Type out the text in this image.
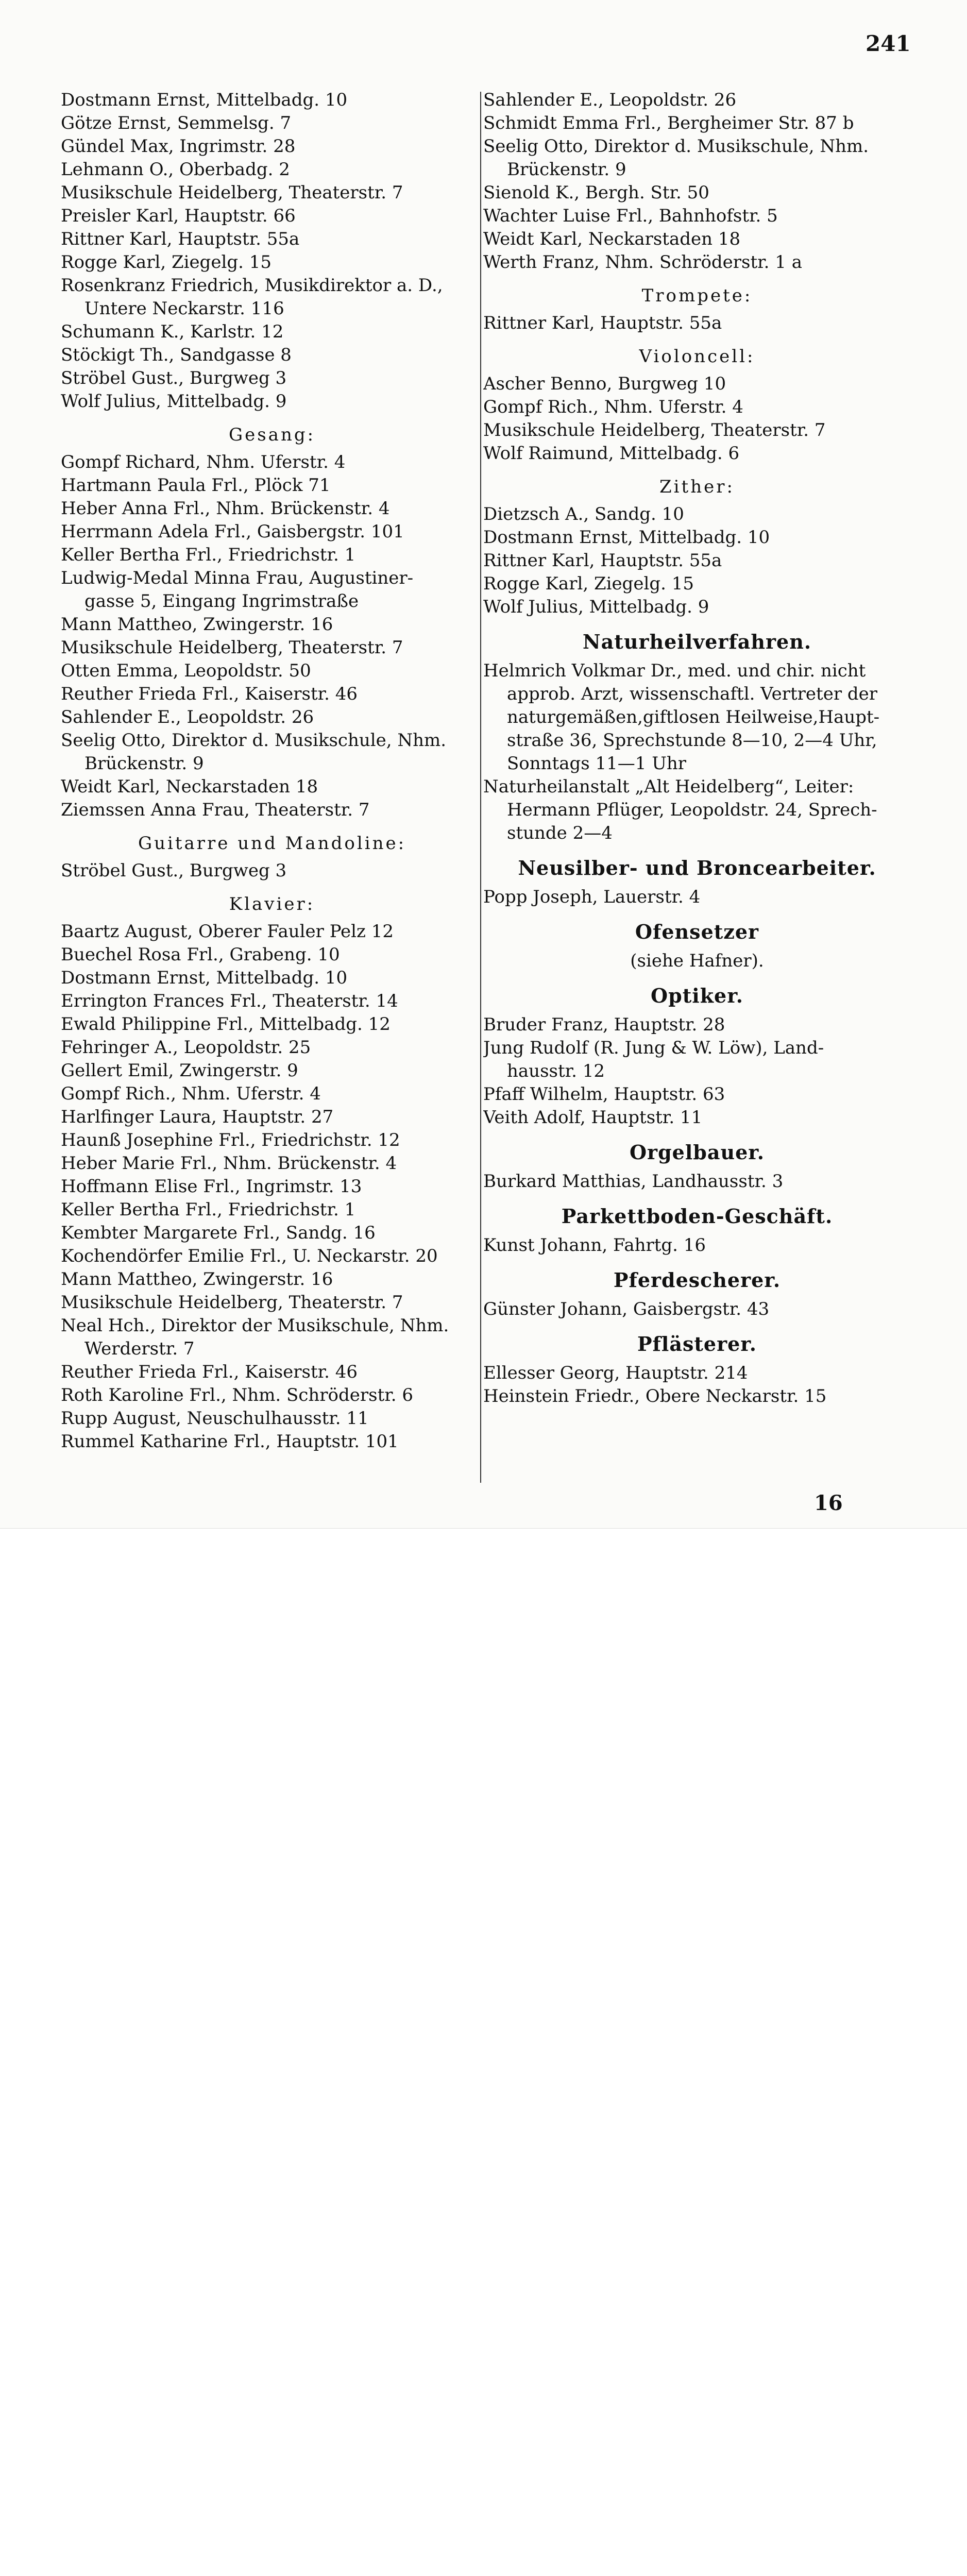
241
Dostmann Ernst, Mittelbadg. 10
Götze Ernst, Semmelsg. 7
Gündel Max, Ingrimstr. 28
Lehmann O., Oberbadg. 2
Musikschule Heidelberg, Theaterstr. 7
Preisler Karl, Hauptstr. 66
Rittner Karl, Hauptstr. 55a
Rogge Karl, Ziegelg. 15
Rosenkranz Friedrich, Musikdirektor a. D.,
Untere Neckarstr. 116
Schumann K., Karlstr. 12
Stöckigt Th., Sandgasse 8
Ströbel Gust., Burgweg 3
Wolf Julius, Mittelbadg. 9
Gesang:
Gompf Richard, Nhm. Uferstr. 4
Hartmann Paula Frl., Plöck 71
Heber Anna Frl., Nhm. Brückenstr. 4
Herrmann Adela Frl., Gaisbergstr. 101
Keller Bertha Frl., Friedrichstr. 1
Ludwig-Medal Minna Frau, Augustiner-
gasse 5, Eingang Ingrimstraße
Mann Mattheo, Zwingerstr. 16
Musikschule Heidelberg, Theaterstr. 7
Otten Emma, Leopoldstr. 50
Reuther Frieda Frl., Kaiserstr. 46
Sahlender E., Leopoldstr. 26
Seelig Otto, Direktor d. Musikschule, Nhm.
Brückenstr. 9
Weidt Karl, Neckarstaden 18
Ziemssen Anna Frau, Theaterstr. 7
Guitarre und Mandoline:
Ströbel Gust., Burgweg 3
Klavier:
Baartz August, Oberer Fauler Pelz 12
Buechel Rosa Frl., Grabeng. 10
Dostmann Ernst, Mittelbadg. 10
Errington Frances Frl., Theaterstr. 14
Ewald Philippine Frl., Mittelbadg. 12
Fehringer A., Leopoldstr. 25
Gellert Emil, Zwingerstr. 9
Gompf Rich., Nhm. Uferstr. 4
Harlfinger Laura, Hauptstr. 27
Haunß Josephine Frl., Friedrichstr. 12
Heber Marie Frl., Nhm. Brückenstr. 4
Hoffmann Elise Frl., Ingrimstr. 13
Keller Bertha Frl., Friedrichstr. 1
Kembter Margarete Frl., Sandg. 16
Kochendörfer Emilie Frl., U. Neckarstr. 20
Mann Mattheo, Zwingerstr. 16
Musikschule Heidelberg, Theaterstr. 7
Neal Hch., Direktor der Musikschule, Nhm.
Werderstr. 7
Reuther Frieda Frl., Kaiserstr. 46
Roth Karoline Frl., Nhm. Schröderstr. 6
Rupp August, Neuschulhausstr. 11
Rummel Katharine Frl., Hauptstr. 101
Sahlender E., Leopoldstr. 26
Schmidt Emma Frl., Bergheimer Str. 87 b
Seelig Otto, Direktor d. Musikschule, Nhm.
Brückenstr. 9
Sienold K., Bergh. Str. 50
Wachter Luise Frl., Bahnhofstr. 5
Weidt Karl, Neckarstaden 18
Werth Franz, Nhm. Schröderstr. 1 a
Trompete:
Rittner Karl, Hauptstr. 55a
Violoncell:
Ascher Benno, Burgweg 10
Gompf Rich., Nhm. Uferstr. 4
Musikschule Heidelberg, Theaterstr. 7
Wolf Raimund, Mittelbadg. 6
Zither:
Dietzsch A., Sandg. 10
Dostmann Ernst, Mittelbadg. 10
Rittner Karl, Hauptstr. 55a
Rogge Karl, Ziegelg. 15
Wolf Julius, Mittelbadg. 9
Naturheilverfahren.
Helmrich Volkmar Dr., med. und chir. nicht
approb. Arzt, wissenschaftl. Vertreter der
naturgemäßen,giftlosen Heilweise,Haupt-
straße 36, Sprechstunde 8—10, 2—4 Uhr,
Sonntags 11—1 Uhr
Naturheilanstalt „Alt Heidelberg“, Leiter:
Hermann Pflüger, Leopoldstr. 24, Sprech-
stunde 2—4
Neusilber- und Broncearbeiter.
Popp Joseph, Lauerstr. 4
Ofensetzer
(siehe Hafner).
Optiker.
Bruder Franz, Hauptstr. 28
Jung Rudolf (R. Jung & W. Löw), Land-
hausstr. 12
Pfaff Wilhelm, Hauptstr. 63
Veith Adolf, Hauptstr. 11
Orgelbauer.
Burkard Matthias, Landhausstr. 3
Parkettboden-Geschäft.
Kunst Johann, Fahrtg. 16
Pferdescherer.
Günster Johann, Gaisbergstr. 43
Pflästerer.
Ellesser Georg, Hauptstr. 214
Heinstein Friedr., Obere Neckarstr. 15
16
